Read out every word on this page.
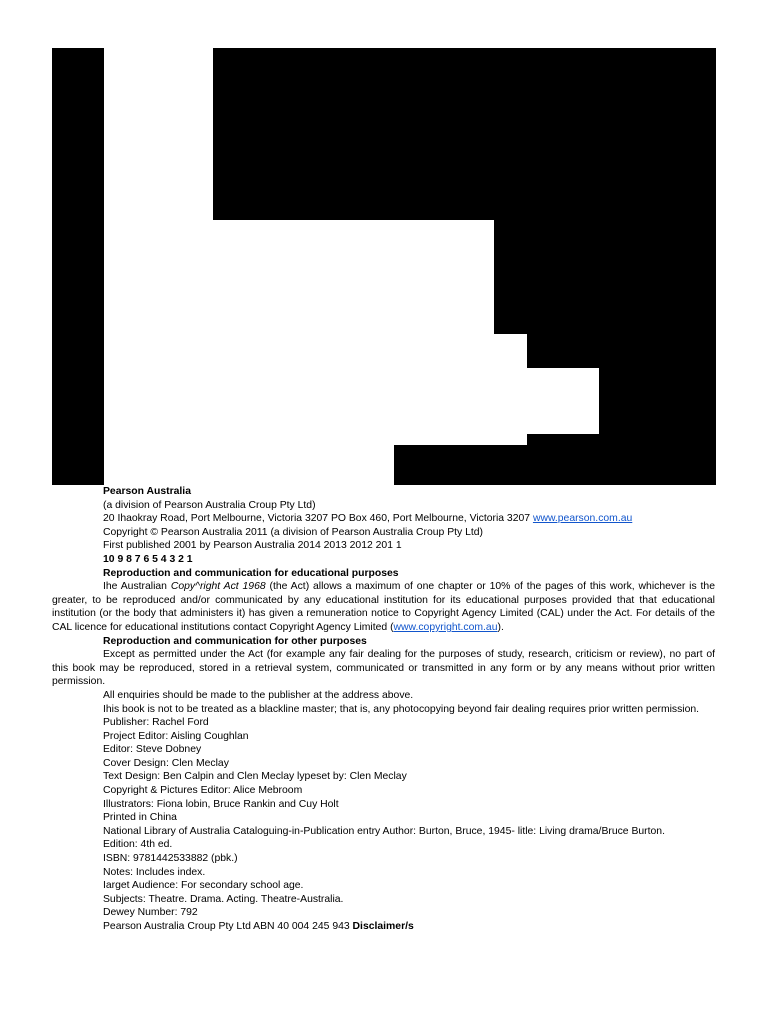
Pearson Australia
(a division of Pearson Australia Croup Pty Ltd)
20 Ihaokray Road, Port Melbourne, Victoria 3207 PO Box 460, Port Melbourne, Victoria 3207 www.pearson.com.au
Copyright © Pearson Australia 2011 (a division of Pearson Australia Croup Pty Ltd)
First published 2001 by Pearson Australia 2014 2013 2012 201 1
10 9 8 7 6 5 4 3 2 1
Reproduction and communication for educational purposes
Ihe Australian Copy^right Act 1968 (the Act) allows a maximum of one chapter or 10% of the pages of this work, whichever is the greater, to be reproduced and/or communicated by any educational institution for its educational purposes provided that that educational institution (or the body that administers it) has given a remuneration notice to Copyright Agency Limited (CAL) under the Act. For details of the CAL licence for educational institutions contact Copyright Agency Limited (www.copyright.com.au).
Reproduction and communication for other purposes
Except as permitted under the Act (for example any fair dealing for the purposes of study, research, criticism or review), no part of this book may be reproduced, stored in a retrieval system, communicated or transmitted in any form or by any means without prior written permission.
All enquiries should be made to the publisher at the address above.
Ihis book is not to be treated as a blackline master; that is, any photocopying beyond fair dealing requires prior written permission.
Publisher: Rachel Ford
Project Editor: Aisling Coughlan
Editor: Steve Dobney
Cover Design: Clen Meclay
Text Design: Ben Calpin and Clen Meclay lypeset by: Clen Meclay
Copyright & Pictures Editor: Alice Mebroom
Illustrators: Fiona lobin, Bruce Rankin and Cuy Holt
Printed in China
National Library of Australia Cataloguing-in-Publication entry Author: Burton, Bruce, 1945- litle: Living drama/Bruce Burton.
Edition: 4th ed.
ISBN: 9781442533882 (pbk.)
Notes: Includes index.
Iarget Audience: For secondary school age.
Subjects: Theatre. Drama. Acting. Theatre-Australia.
Dewey Number: 792
Pearson Australia Croup Pty Ltd ABN 40 004 245 943 Disclaimer/s
